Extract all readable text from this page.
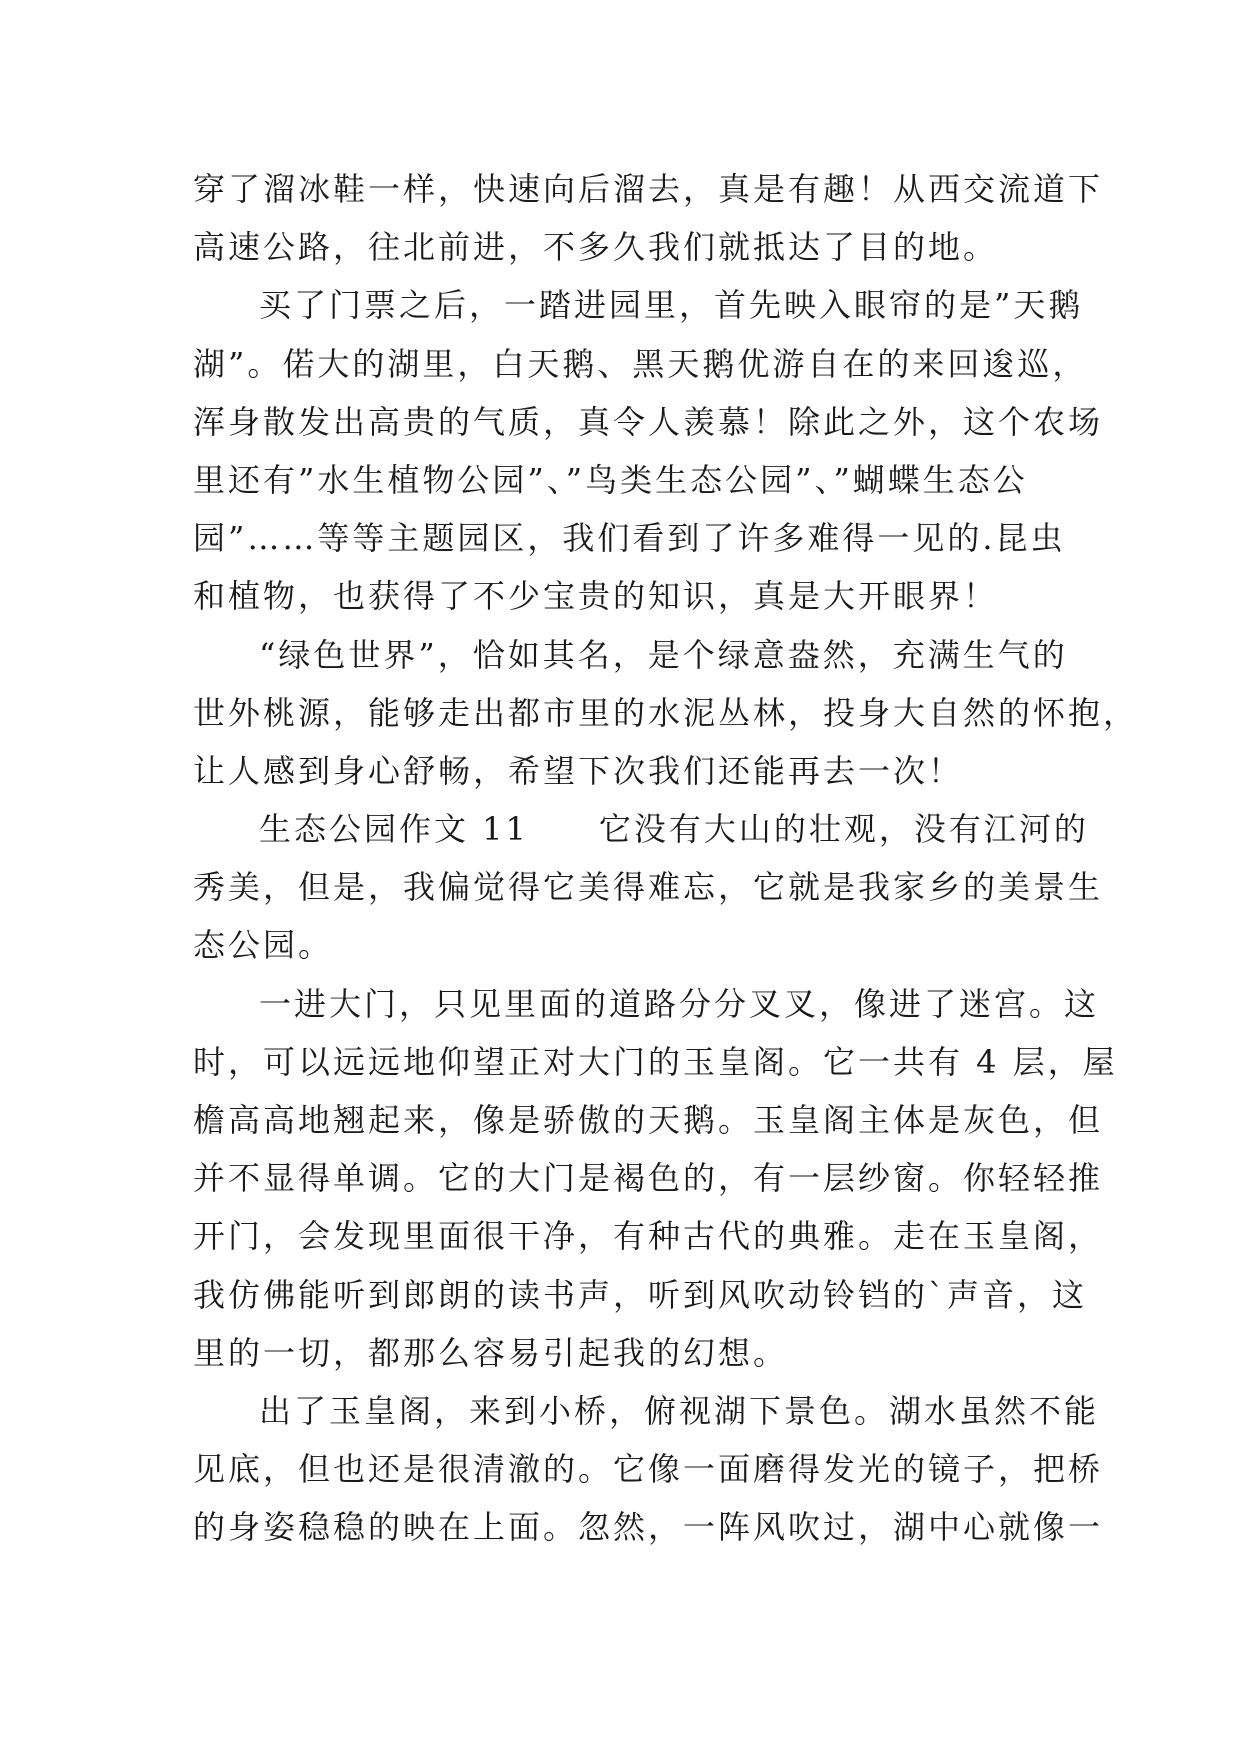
穿了溜冰鞋一样，快速向后溜去，真是有趣！从西交流道下
高速公路，往北前进，不多久我们就抵达了目的地。
买了门票之后，一踏进园里，首先映入眼帘的是”天鹅
湖”。偌大的湖里，白天鹅、黑天鹅优游自在的来回逡巡，
浑身散发出高贵的气质，真令人羡慕！除此之外，这个农场
里还有”水生植物公园”、”鸟类生态公园”、”蝴蝶生态公
园”……等等主题园区，我们看到了许多难得一见的.昆虫
和植物，也获得了不少宝贵的知识，真是大开眼界！
“绿色世界”，恰如其名，是个绿意盎然，充满生气的
世外桃源，能够走出都市里的水泥丛林，投身大自然的怀抱，
让人感到身心舒畅，希望下次我们还能再去一次！
生态公园作文 11　　它没有大山的壮观，没有江河的
秀美，但是，我偏觉得它美得难忘，它就是我家乡的美景生
态公园。
一进大门，只见里面的道路分分叉叉，像进了迷宫。这
时，可以远远地仰望正对大门的玉皇阁。它一共有 4 层，屋
檐高高地翘起来，像是骄傲的天鹅。玉皇阁主体是灰色，但
并不显得单调。它的大门是褐色的，有一层纱窗。你轻轻推
开门，会发现里面很干净，有种古代的典雅。走在玉皇阁，
我仿佛能听到郎朗的读书声，听到风吹动铃铛的`声音，这
里的一切，都那么容易引起我的幻想。
出了玉皇阁，来到小桥，俯视湖下景色。湖水虽然不能
见底，但也还是很清澈的。它像一面磨得发光的镜子，把桥
的身姿稳稳的映在上面。忽然，一阵风吹过，湖中心就像一
